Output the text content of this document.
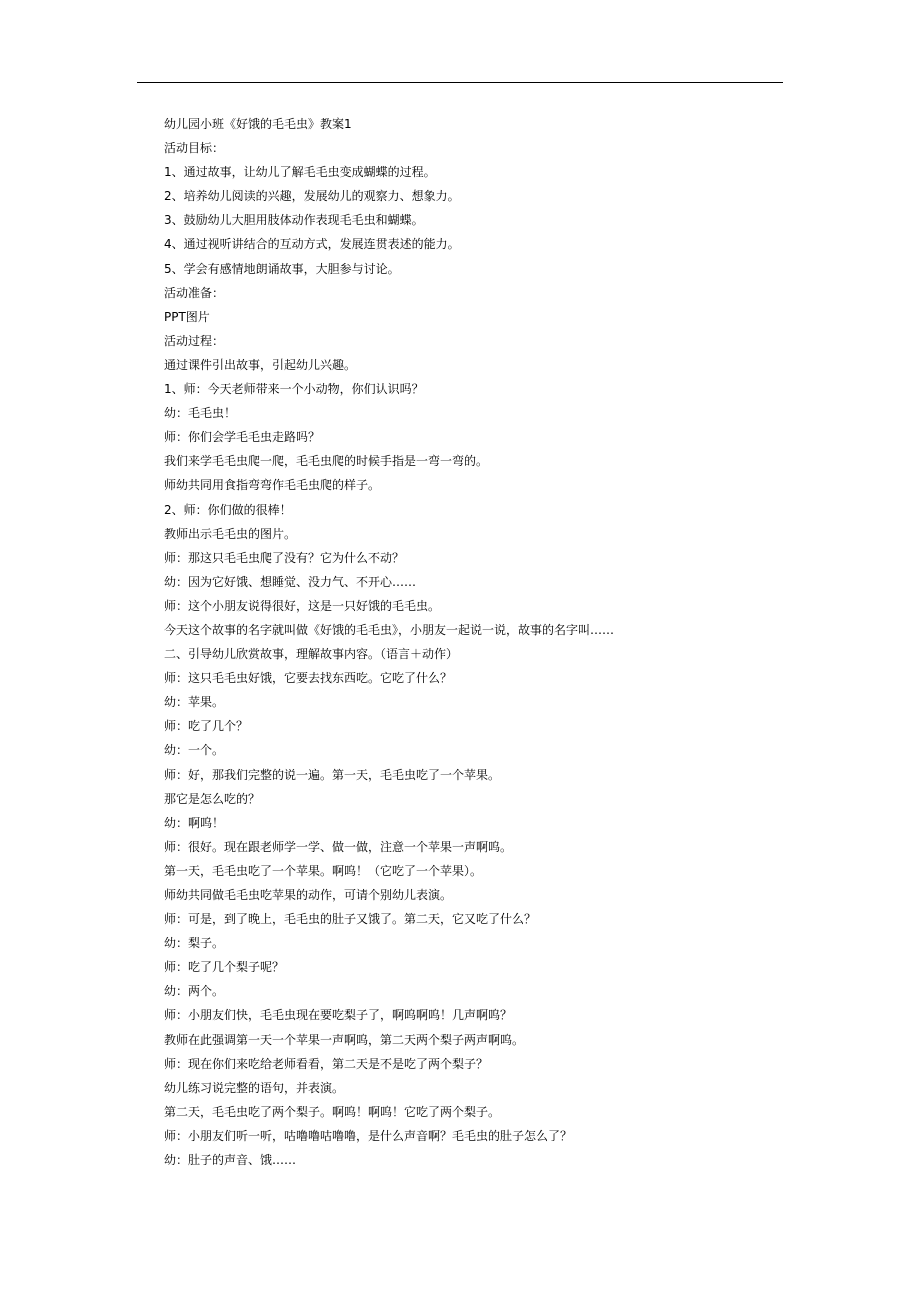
幼儿园小班《好饿的毛毛虫》教案1
活动目标：
1、通过故事，让幼儿了解毛毛虫变成蝴蝶的过程。
2、培养幼儿阅读的兴趣，发展幼儿的观察力、想象力。
3、鼓励幼儿大胆用肢体动作表现毛毛虫和蝴蝶。
4、通过视听讲结合的互动方式，发展连贯表述的能力。
5、学会有感情地朗诵故事，大胆参与讨论。
活动准备：
PPT图片
活动过程：
通过课件引出故事，引起幼儿兴趣。
1、师：今天老师带来一个小动物，你们认识吗？
幼：毛毛虫！
师：你们会学毛毛虫走路吗？
我们来学毛毛虫爬一爬，毛毛虫爬的时候手指是一弯一弯的。
师幼共同用食指弯弯作毛毛虫爬的样子。
2、师：你们做的很棒！
教师出示毛毛虫的图片。
师：那这只毛毛虫爬了没有？它为什么不动？
幼：因为它好饿、想睡觉、没力气、不开心……
师：这个小朋友说得很好，这是一只好饿的毛毛虫。
今天这个故事的名字就叫做《好饿的毛毛虫》，小朋友一起说一说，故事的名字叫……
二、引导幼儿欣赏故事，理解故事内容。（语言＋动作）
师：这只毛毛虫好饿，它要去找东西吃。它吃了什么？
幼：苹果。
师：吃了几个？
幼：一个。
师：好，那我们完整的说一遍。第一天，毛毛虫吃了一个苹果。
那它是怎么吃的？
幼：啊呜！
师：很好。现在跟老师学一学、做一做，注意一个苹果一声啊呜。
第一天，毛毛虫吃了一个苹果。啊呜！（它吃了一个苹果）。
师幼共同做毛毛虫吃苹果的动作，可请个别幼儿表演。
师：可是，到了晚上，毛毛虫的肚子又饿了。第二天，它又吃了什么？
幼：梨子。
师：吃了几个梨子呢？
幼：两个。
师：小朋友们快，毛毛虫现在要吃梨子了，啊呜啊呜！几声啊呜？
教师在此强调第一天一个苹果一声啊呜，第二天两个梨子两声啊呜。
师：现在你们来吃给老师看看，第二天是不是吃了两个梨子？
幼儿练习说完整的语句，并表演。
第二天，毛毛虫吃了两个梨子。啊呜！啊呜！它吃了两个梨子。
师：小朋友们听一听，咕噜噜咕噜噜，是什么声音啊？毛毛虫的肚子怎么了？
幼：肚子的声音、饿……
